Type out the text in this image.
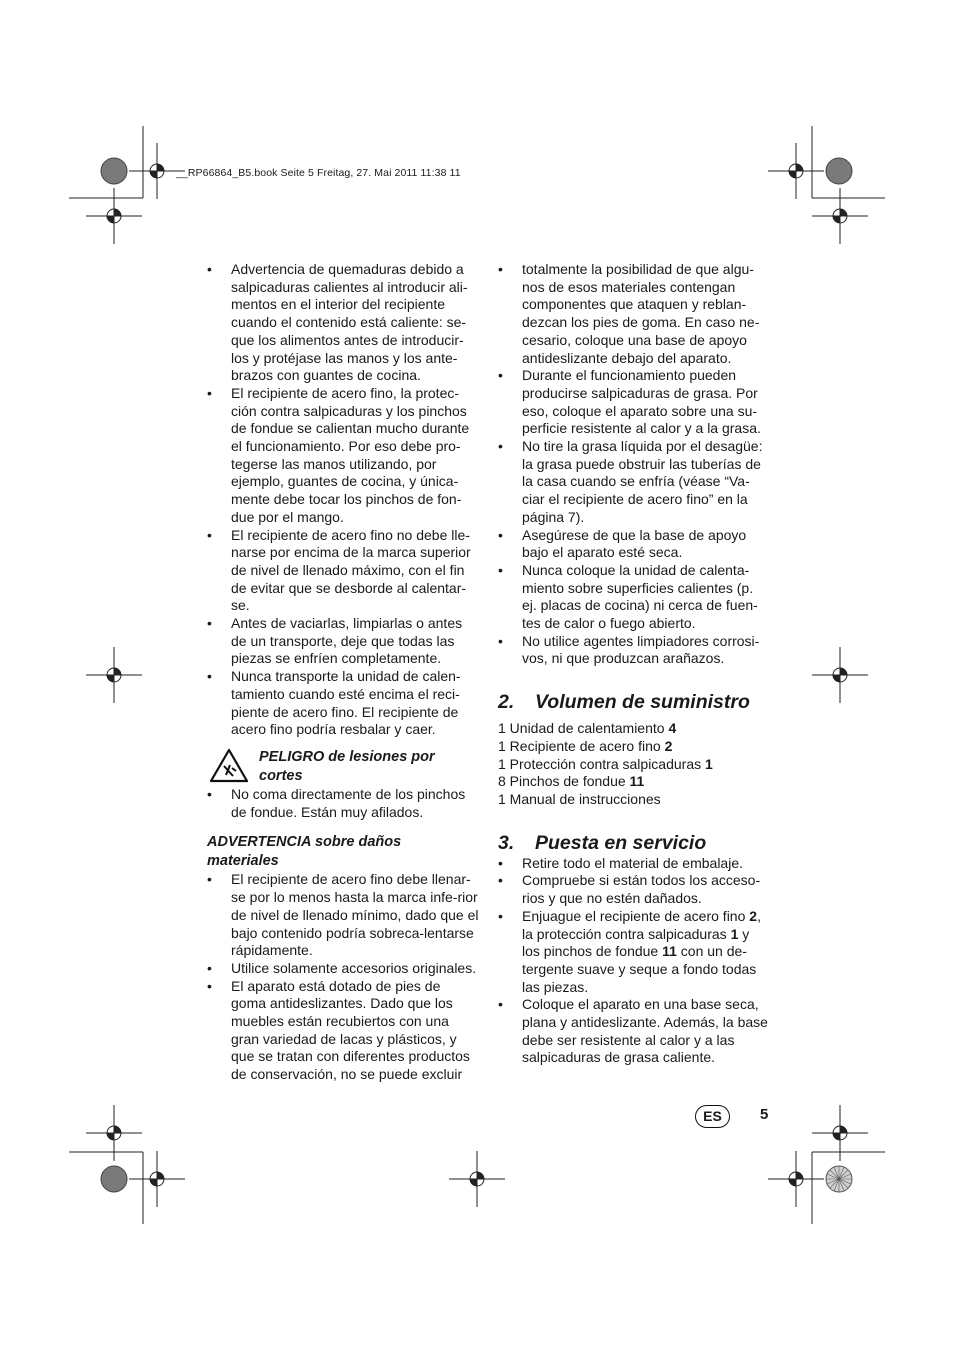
__RP66864_B5.book Seite 5 Freitag, 27. Mai 2011 11:38 11
• Advertencia de quemaduras debido a salpicaduras calientes al introducir ali-mentos en el interior del recipiente cuando el contenido está caliente: se-que los alimentos antes de introducir-los y protéjase las manos y los ante-brazos con guantes de cocina.
• El recipiente de acero fino, la protec-ción contra salpicaduras y los pinchos de fondue se calientan mucho durante el funcionamiento. Por eso debe pro-tegerse las manos utilizando, por ejemplo, guantes de cocina, y única-mente debe tocar los pinchos de fon-due por el mango.
• El recipiente de acero fino no debe lle-narse por encima de la marca superior de nivel de llenado máximo, con el fin de evitar que se desborde al calentar-se.
• Antes de vaciarlas, limpiarlas o antes de un transporte, deje que todas las piezas se enfríen completamente.
• Nunca transporte la unidad de calen-tamiento cuando esté encima el reci-piente de acero fino. El recipiente de acero fino podría resbalar y caer.
PELIGRO de lesiones por
cortes
• No coma directamente de los pinchos de fondue. Están muy afilados.
ADVERTENCIA sobre daños
materiales
• El recipiente de acero fino debe llenar-se por lo menos hasta la marca infe-rior de nivel de llenado mínimo, dado que el bajo contenido podría sobreca-lentarse rápidamente.
• Utilice solamente accesorios originales.
• El aparato está dotado de pies de goma antideslizantes. Dado que los muebles están recubiertos con una gran variedad de lacas y plásticos, y que se tratan con diferentes productos de conservación, no se puede excluir
• totalmente la posibilidad de que algu-nos de esos materiales contengan componentes que ataquen y reblan-dezcan los pies de goma. En caso ne-cesario, coloque una base de apoyo antideslizante debajo del aparato.
• Durante el funcionamiento pueden producirse salpicaduras de grasa. Por eso, coloque el aparato sobre una su-perficie resistente al calor y a la grasa.
• No tire la grasa líquida por el desagüe: la grasa puede obstruir las tuberías de la casa cuando se enfría (véase “Va-ciar el recipiente de acero fino” en la página 7).
• Asegúrese de que la base de apoyo bajo el aparato esté seca.
• Nunca coloque la unidad de calenta-miento sobre superficies calientes (p. ej. placas de cocina) ni cerca de fuen-tes de calor o fuego abierto.
• No utilice agentes limpiadores corrosi-vos, ni que produzcan arañazos.
2. Volumen de suministro
1 Unidad de calentamiento 4
1 Recipiente de acero fino 2
1 Protección contra salpicaduras 1
8 Pinchos de fondue 11
1 Manual de instrucciones
3. Puesta en servicio
• Retire todo el material de embalaje.
• Compruebe si están todos los acceso-rios y que no estén dañados.
• Enjuague el recipiente de acero fino 2, la protección contra salpicaduras 1 y los pinchos de fondue 11 con un de-tergente suave y seque a fondo todas las piezas.
• Coloque el aparato en una base seca, plana y antideslizante. Además, la base debe ser resistente al calor y a las salpicaduras de grasa caliente.
ES	5
